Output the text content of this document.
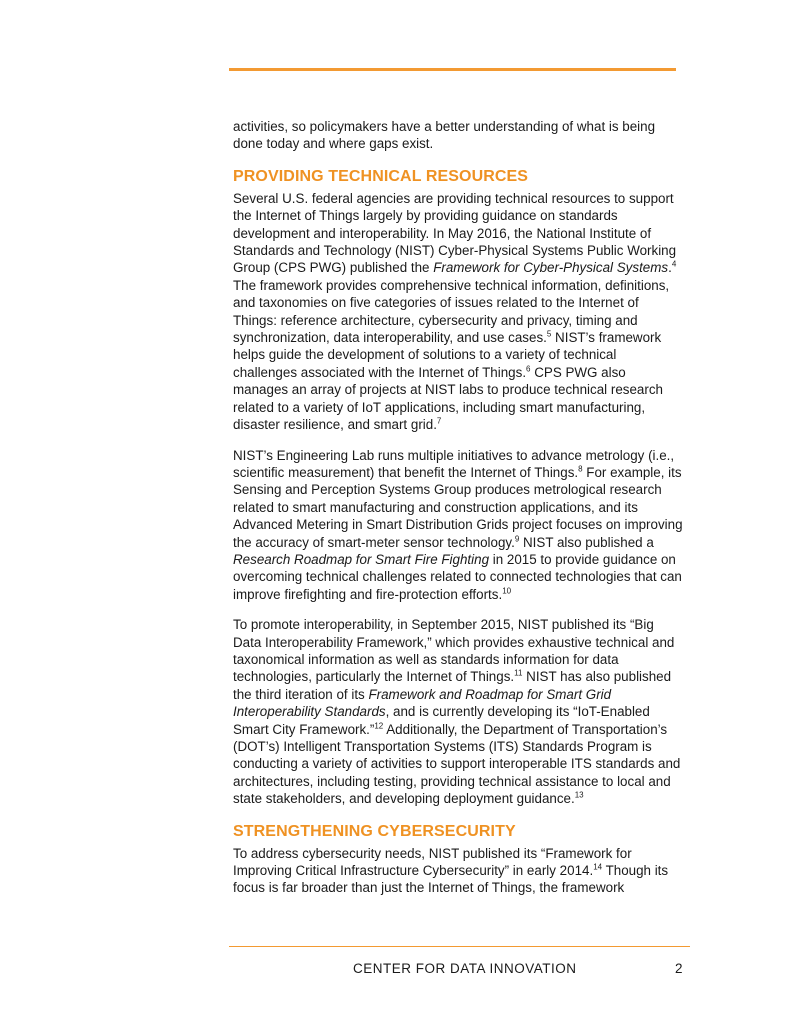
activities, so policymakers have a better understanding of what is being done today and where gaps exist.

PROVIDING TECHNICAL RESOURCES

Several U.S. federal agencies are providing technical resources to support the Internet of Things largely by providing guidance on standards development and interoperability. In May 2016, the National Institute of Standards and Technology (NIST) Cyber-Physical Systems Public Working Group (CPS PWG) published the Framework for Cyber-Physical Systems.$^4$ The framework provides comprehensive technical information, definitions, and taxonomies on five categories of issues related to the Internet of Things: reference architecture, cybersecurity and privacy, timing and synchronization, data interoperability, and use cases.$^5$ NIST’s framework helps guide the development of solutions to a variety of technical challenges associated with the Internet of Things.$^6$ CPS PWG also manages an array of projects at NIST labs to produce technical research related to a variety of IoT applications, including smart manufacturing, disaster resilience, and smart grid.$^7$

NIST’s Engineering Lab runs multiple initiatives to advance metrology (i.e., scientific measurement) that benefit the Internet of Things.$^8$ For example, its Sensing and Perception Systems Group produces metrological research related to smart manufacturing and construction applications, and its Advanced Metering in Smart Distribution Grids project focuses on improving the accuracy of smart-meter sensor technology.$^9$ NIST also published a Research Roadmap for Smart Fire Fighting in 2015 to provide guidance on overcoming technical challenges related to connected technologies that can improve firefighting and fire-protection efforts.$^{10}$

To promote interoperability, in September 2015, NIST published its “Big Data Interoperability Framework,” which provides exhaustive technical and taxonomical information as well as standards information for data technologies, particularly the Internet of Things.$^{11}$ NIST has also published the third iteration of its Framework and Roadmap for Smart Grid Interoperability Standards, and is currently developing its “IoT-Enabled Smart City Framework.”$^{12}$ Additionally, the Department of Transportation’s (DOT’s) Intelligent Transportation Systems (ITS) Standards Program is conducting a variety of activities to support interoperable ITS standards and architectures, including testing, providing technical assistance to local and state stakeholders, and developing deployment guidance.$^{13}$

STRENGTHENING CYBERSECURITY

To address cybersecurity needs, NIST published its “Framework for Improving Critical Infrastructure Cybersecurity” in early 2014.14 Though its focus is far broader than just the Internet of Things, the framework

CENTER FOR DATA INNOVATION	2
